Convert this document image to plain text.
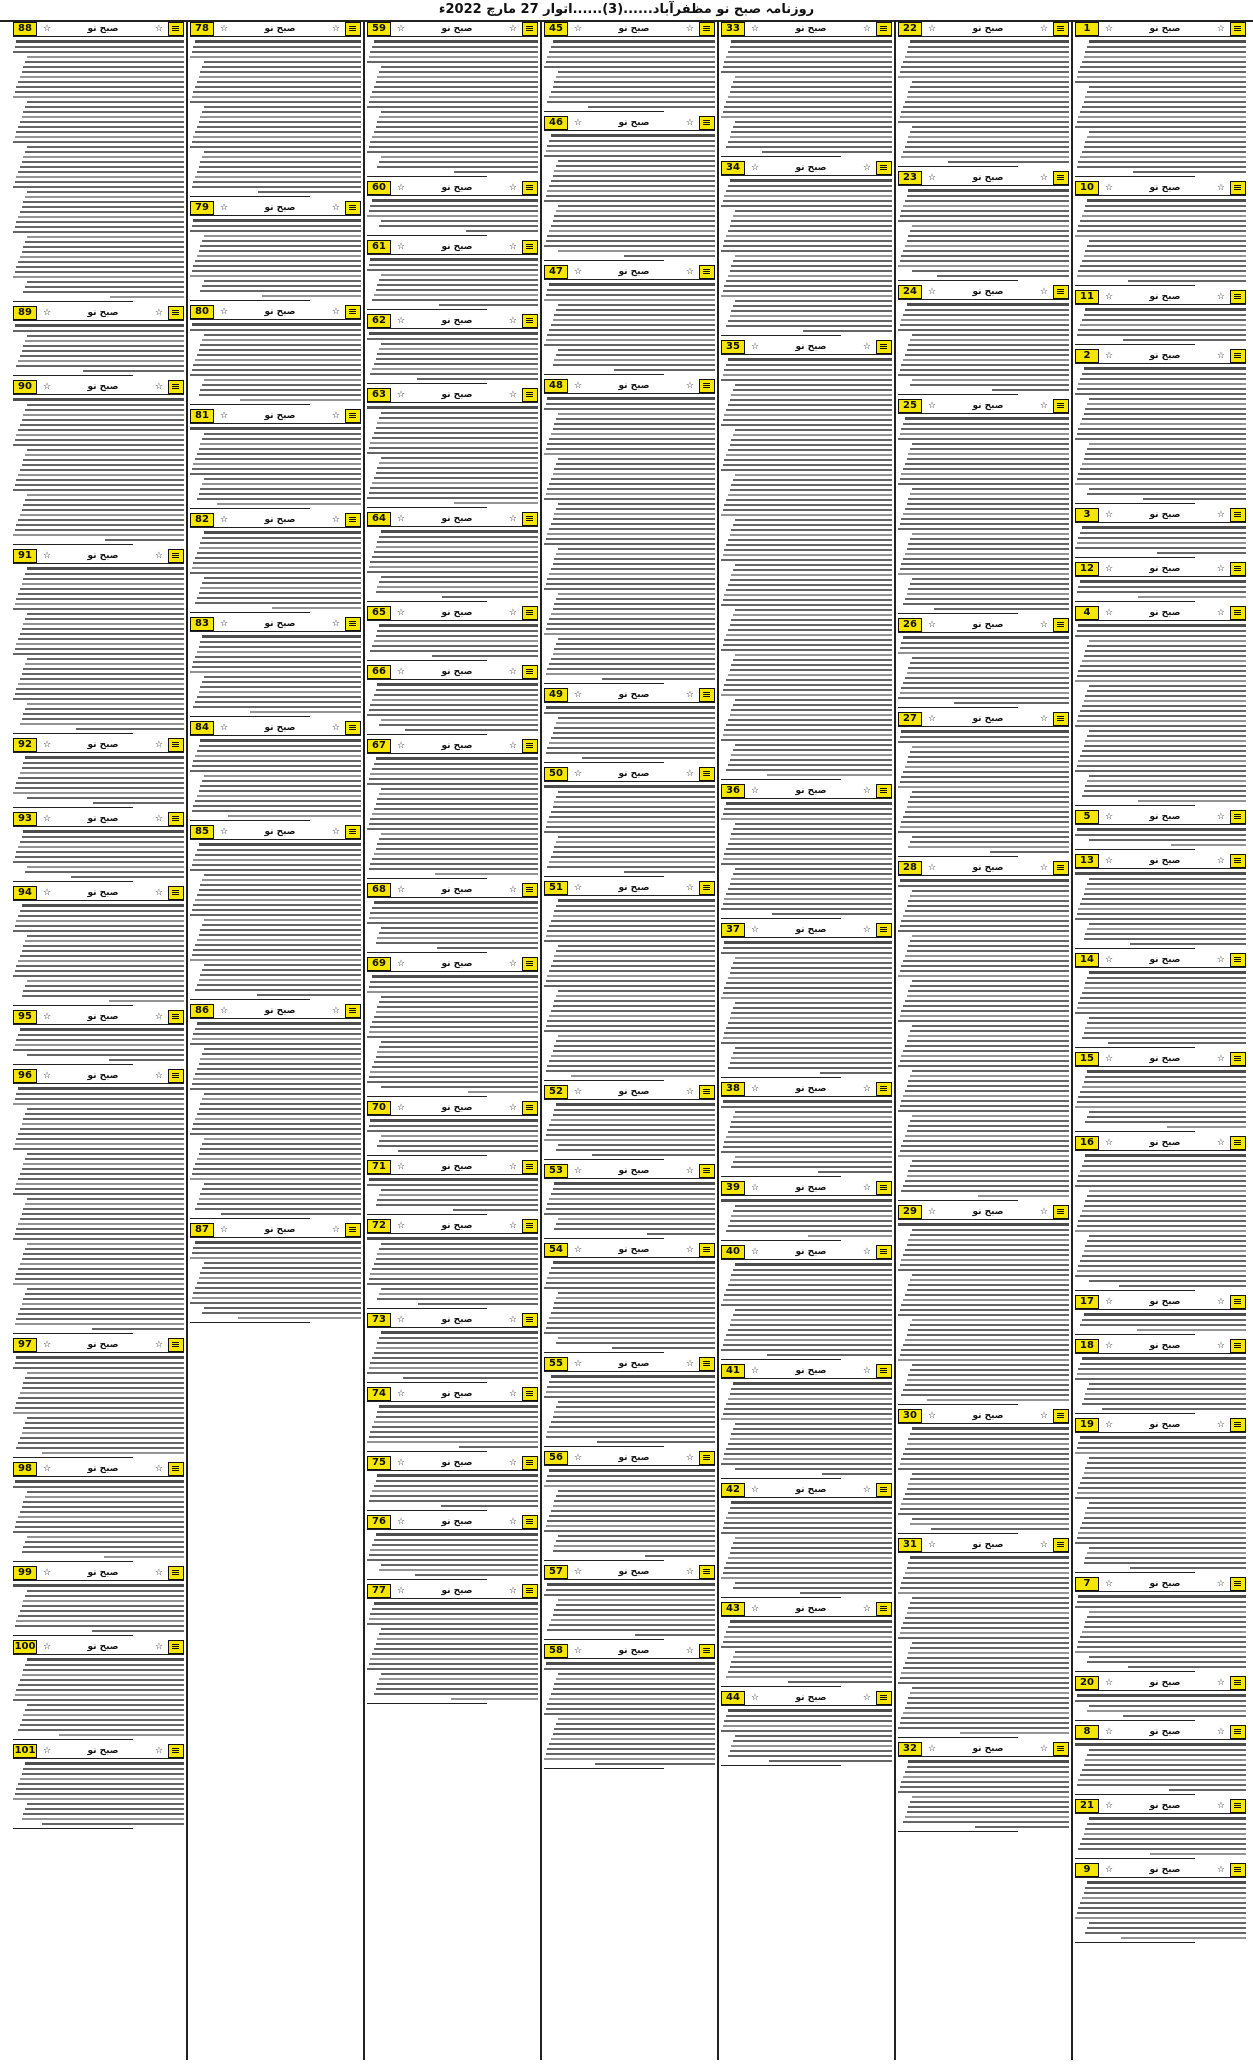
روزنامہ صبح نو مظفرآباد......(3)......اتوار 27 مارچ 2022ء
1	☆	صبح نو	☆
10	☆	صبح نو	☆
11	☆	صبح نو	☆
2	☆	صبح نو	☆
3	☆	صبح نو	☆
12	☆	صبح نو	☆
4	☆	صبح نو	☆
5	☆	صبح نو	☆
13	☆	صبح نو	☆
14	☆	صبح نو	☆
15	☆	صبح نو	☆
16	☆	صبح نو	☆
17	☆	صبح نو	☆
18	☆	صبح نو	☆
19	☆	صبح نو	☆
7	☆	صبح نو	☆
20	☆	صبح نو	☆
8	☆	صبح نو	☆
21	☆	صبح نو	☆
9	☆	صبح نو	☆
22	☆	صبح نو	☆
23	☆	صبح نو	☆
24	☆	صبح نو	☆
25	☆	صبح نو	☆
26	☆	صبح نو	☆
27	☆	صبح نو	☆
28	☆	صبح نو	☆
29	☆	صبح نو	☆
30	☆	صبح نو	☆
31	☆	صبح نو	☆
32	☆	صبح نو	☆
33	☆	صبح نو	☆
34	☆	صبح نو	☆
35	☆	صبح نو	☆
36	☆	صبح نو	☆
37	☆	صبح نو	☆
38	☆	صبح نو	☆
39	☆	صبح نو	☆
40	☆	صبح نو	☆
41	☆	صبح نو	☆
42	☆	صبح نو	☆
43	☆	صبح نو	☆
44	☆	صبح نو	☆
45	☆	صبح نو	☆
46	☆	صبح نو	☆
47	☆	صبح نو	☆
48	☆	صبح نو	☆
49	☆	صبح نو	☆
50	☆	صبح نو	☆
51	☆	صبح نو	☆
52	☆	صبح نو	☆
53	☆	صبح نو	☆
54	☆	صبح نو	☆
55	☆	صبح نو	☆
56	☆	صبح نو	☆
57	☆	صبح نو	☆
58	☆	صبح نو	☆
59	☆	صبح نو	☆
60	☆	صبح نو	☆
61	☆	صبح نو	☆
62	☆	صبح نو	☆
63	☆	صبح نو	☆
64	☆	صبح نو	☆
65	☆	صبح نو	☆
66	☆	صبح نو	☆
67	☆	صبح نو	☆
68	☆	صبح نو	☆
69	☆	صبح نو	☆
70	☆	صبح نو	☆
71	☆	صبح نو	☆
72	☆	صبح نو	☆
73	☆	صبح نو	☆
74	☆	صبح نو	☆
75	☆	صبح نو	☆
76	☆	صبح نو	☆
77	☆	صبح نو	☆
78	☆	صبح نو	☆
79	☆	صبح نو	☆
80	☆	صبح نو	☆
81	☆	صبح نو	☆
82	☆	صبح نو	☆
83	☆	صبح نو	☆
84	☆	صبح نو	☆
85	☆	صبح نو	☆
86	☆	صبح نو	☆
87	☆	صبح نو	☆
88	☆	صبح نو	☆
89	☆	صبح نو	☆
90	☆	صبح نو	☆
91	☆	صبح نو	☆
92	☆	صبح نو	☆
93	☆	صبح نو	☆
94	☆	صبح نو	☆
95	☆	صبح نو	☆
96	☆	صبح نو	☆
97	☆	صبح نو	☆
98	☆	صبح نو	☆
99	☆	صبح نو	☆
100 ☆	صبح نو	☆
101 ☆	صبح نو	☆
